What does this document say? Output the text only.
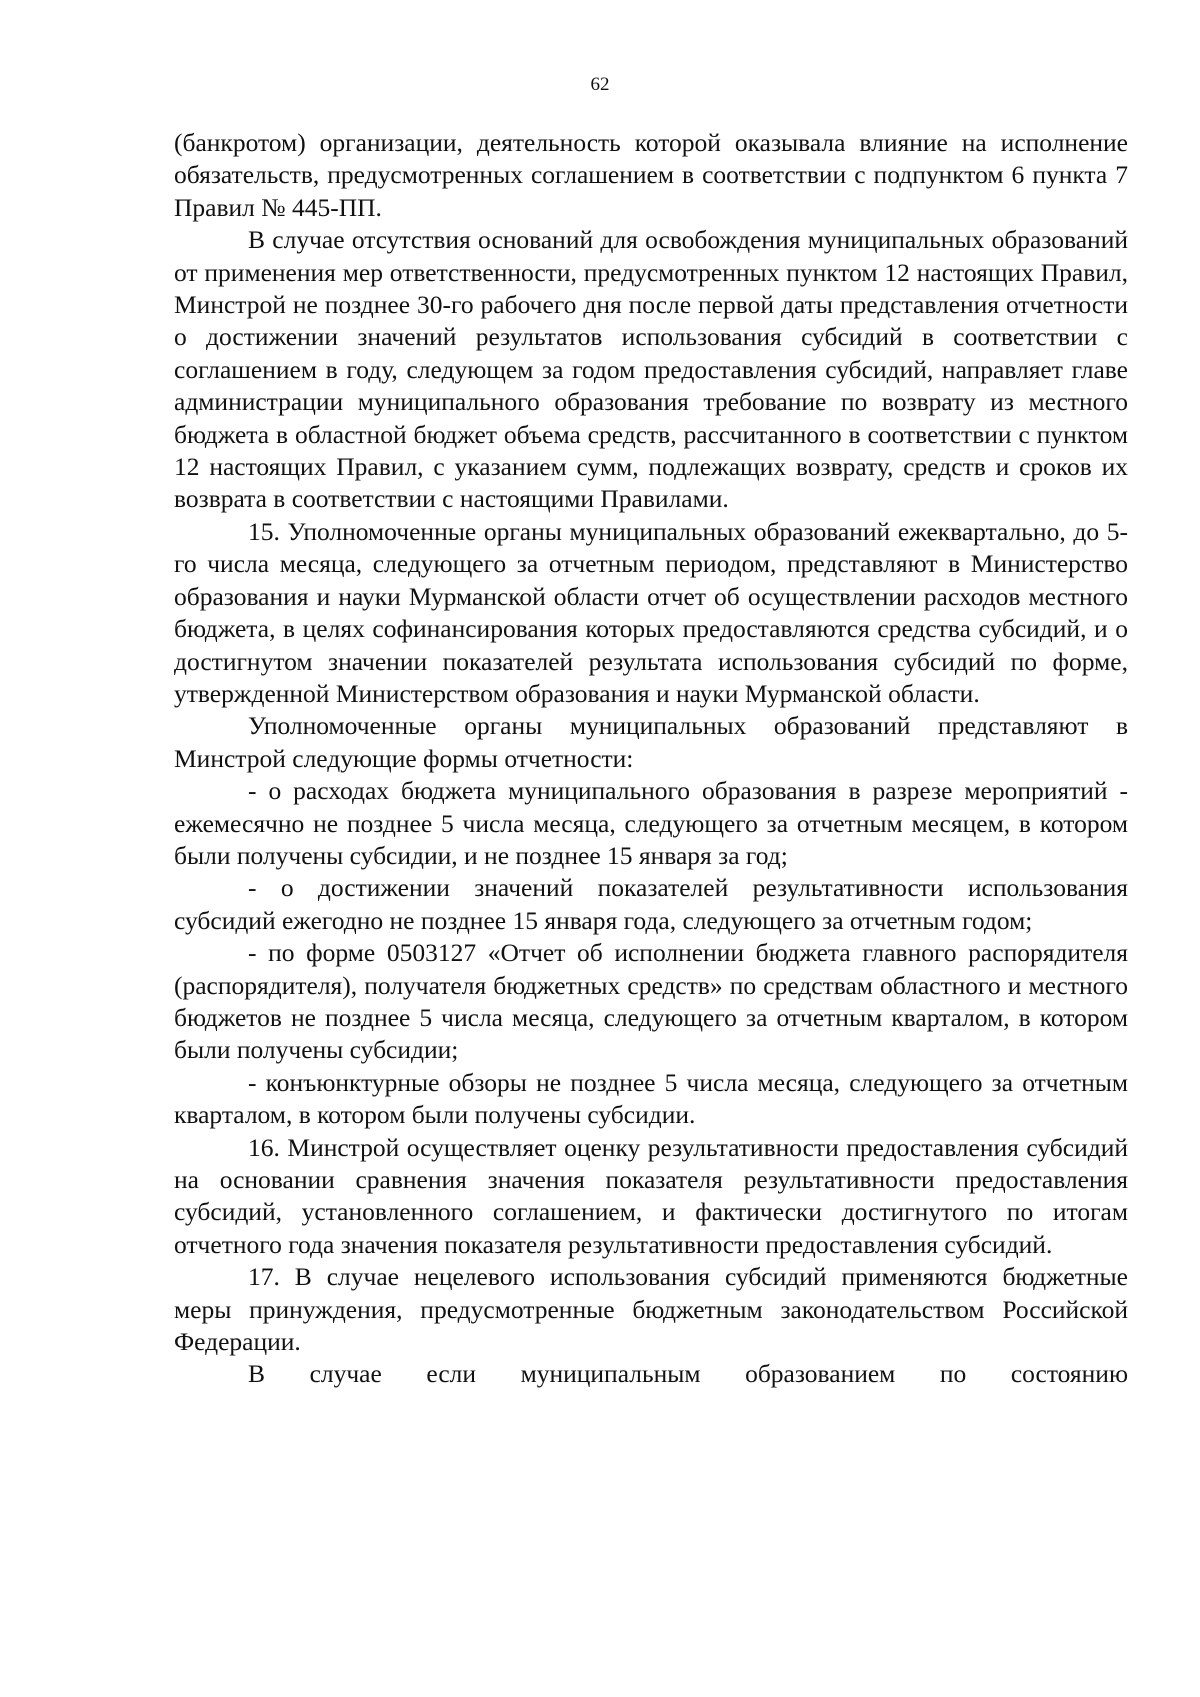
62

(банкротом) организации, деятельность которой оказывала влияние на исполнение обязательств, предусмотренных соглашением в соответствии с подпунктом 6 пункта 7 Правил № 445-ПП.

В случае отсутствия оснований для освобождения муниципальных образований от применения мер ответственности, предусмотренных пунктом 12 настоящих Правил, Минстрой не позднее 30-го рабочего дня после первой даты представления отчетности о достижении значений результатов использования субсидий в соответствии с соглашением в году, следующем за годом предоставления субсидий, направляет главе администрации муниципального образования требование по возврату из местного бюджета в областной бюджет объема средств, рассчитанного в соответствии с пунктом 12 настоящих Правил, с указанием сумм, подлежащих возврату, средств и сроков их возврата в соответствии с настоящими Правилами.

15. Уполномоченные органы муниципальных образований ежеквартально, до 5-го числа месяца, следующего за отчетным периодом, представляют в Министерство образования и науки Мурманской области отчет об осуществлении расходов местного бюджета, в целях софинансирования которых предоставляются средства субсидий, и о достигнутом значении показателей результата использования субсидий по форме, утвержденной Министерством образования и науки Мурманской области.

Уполномоченные органы муниципальных образований представляют в Минстрой следующие формы отчетности:

- о расходах бюджета муниципального образования в разрезе мероприятий - ежемесячно не позднее 5 числа месяца, следующего за отчетным месяцем, в котором были получены субсидии, и не позднее 15 января за год;

- о достижении значений показателей результативности использования субсидий ежегодно не позднее 15 января года, следующего за отчетным годом;

- по форме 0503127 «Отчет об исполнении бюджета главного распорядителя (распорядителя), получателя бюджетных средств» по средствам областного и местного бюджетов не позднее 5 числа месяца, следующего за отчетным кварталом, в котором были получены субсидии;

- конъюнктурные обзоры не позднее 5 числа месяца, следующего за отчетным кварталом, в котором были получены субсидии.

16. Минстрой осуществляет оценку результативности предоставления субсидий на основании сравнения значения показателя результативности предоставления субсидий, установленного соглашением, и фактически достигнутого по итогам отчетного года значения показателя результативности предоставления субсидий.

17. В случае нецелевого использования субсидий применяются бюджетные меры принуждения, предусмотренные бюджетным законодательством Российской Федерации.

В случае если муниципальным образованием по состоянию
